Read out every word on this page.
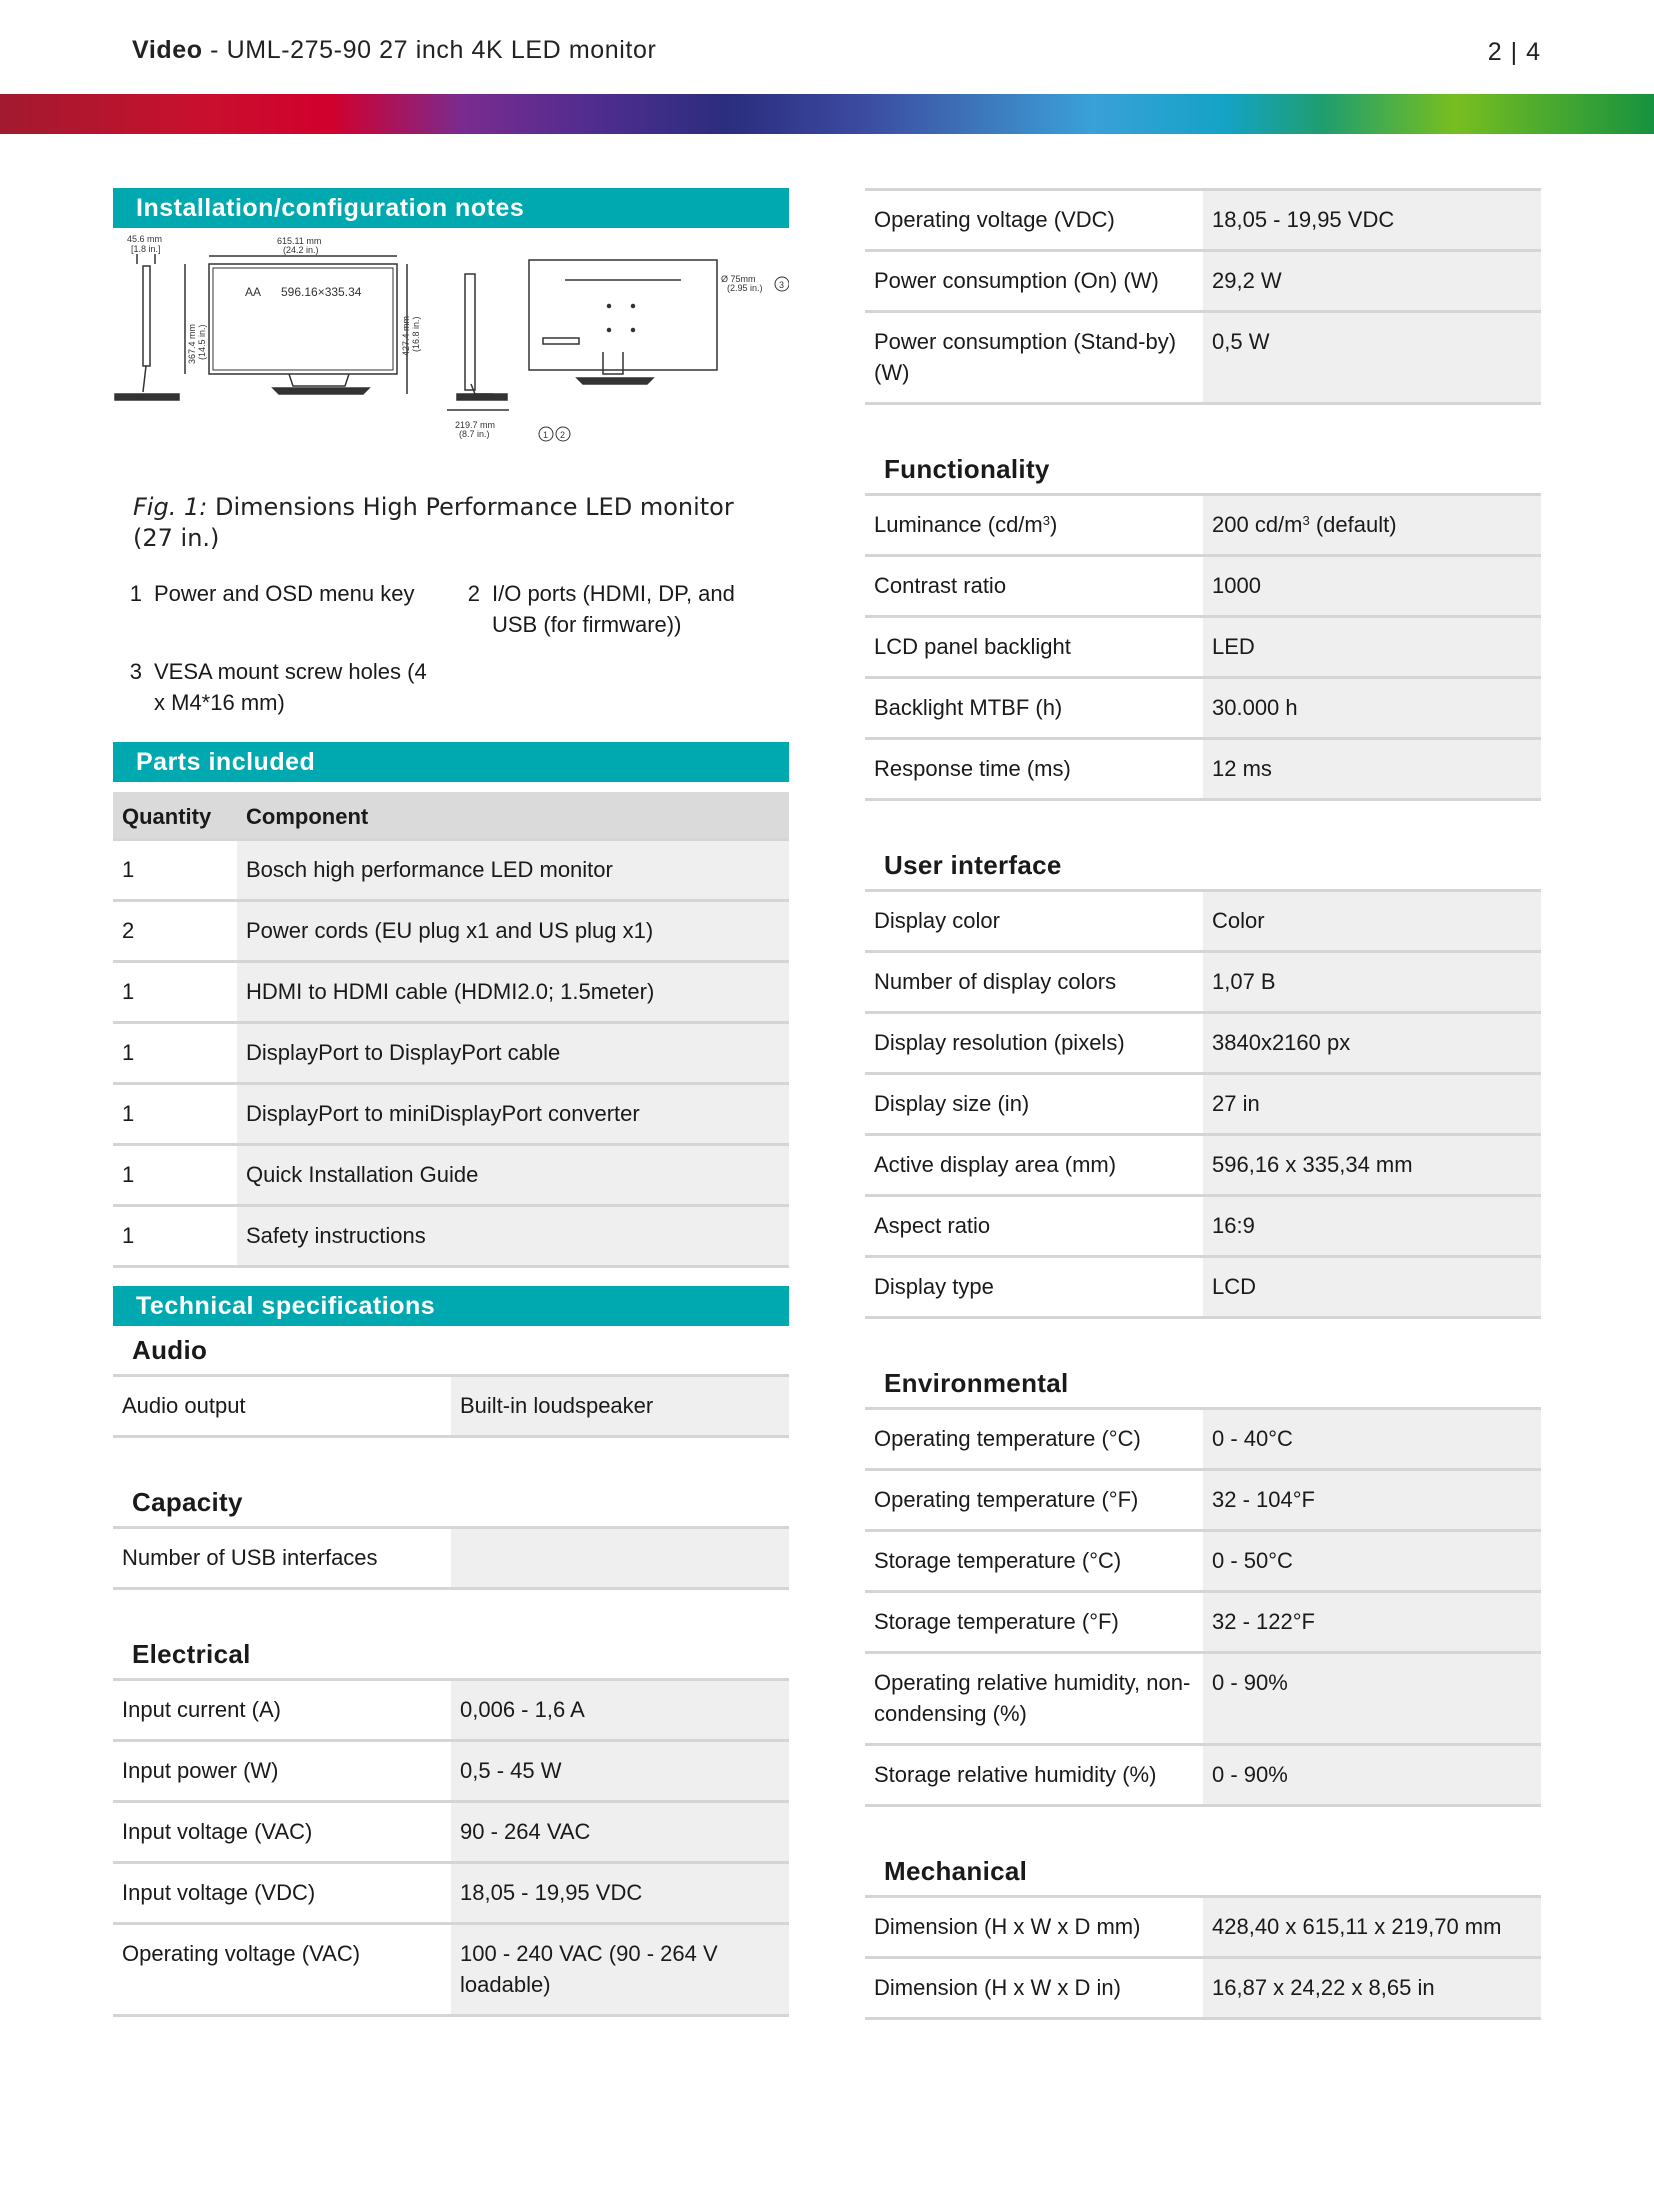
Video - UML-275-90 27 inch 4K LED monitor	2 | 4
Installation/configuration notes
45.6 mm
[1.8 in.]
615.11 mm
(24.2 in.)
AA 596.16×335.34
367.4 mm (14.5 in.)	427.4 mm (16.8 in.)
219.7 mm
(8.7 in.)	1 2
Ø 75mm
(2.95 in.) 3
Fig. 1: Dimensions High Performance LED monitor (27 in.)
1 Power and OSD menu key	2 I/O ports (HDMI, DP, and USB (for firmware))
3 VESA mount screw holes (4 x M4*16 mm)
Parts included
Quantity	Component
1	Bosch high performance LED monitor
2	Power cords (EU plug x1 and US plug x1)
1	HDMI to HDMI cable (HDMI2.0; 1.5meter)
1	DisplayPort to DisplayPort cable
1	DisplayPort to miniDisplayPort converter
1	Quick Installation Guide
1	Safety instructions
Technical specifications
Audio
Audio output	Built-in loudspeaker
Capacity
Number of USB interfaces	
Electrical
Input current (A)	0,006 - 1,6 A
Input power (W)	0,5 - 45 W
Input voltage (VAC)	90 - 264 VAC
Input voltage (VDC)	18,05 - 19,95 VDC
Operating voltage (VAC)	100 - 240 VAC (90 - 264 V loadable)
Operating voltage (VDC)	18,05 - 19,95 VDC
Power consumption (On) (W)	29,2 W
Power consumption (Stand-by) (W)	0,5 W
Functionality
Luminance $(cd/m^3)$	200 $cd/m^3$ (default)
Contrast ratio	1000
LCD panel backlight	LED
Backlight MTBF (h)	30.000 h
Response time (ms)	12 ms
User interface
Display color	Color
Number of display colors	1,07 B
Display resolution (pixels)	3840x2160 px
Display size (in)	27 in
Active display area (mm)	596,16 x 335,34 mm
Aspect ratio	16:9
Display type	LCD
Environmental
Operating temperature (°C)	0 - 40°C
Operating temperature (°F)	32 - 104°F
Storage temperature (°C)	0 - 50°C
Storage temperature (°F)	32 - 122°F
Operating relative humidity, non-condensing (%)	0 - 90%
Storage relative humidity (%)	0 - 90%
Mechanical
Dimension (H x W x D mm)	428,40 x 615,11 x 219,70 mm
Dimension (H x W x D in)	16,87 x 24,22 x 8,65 in
